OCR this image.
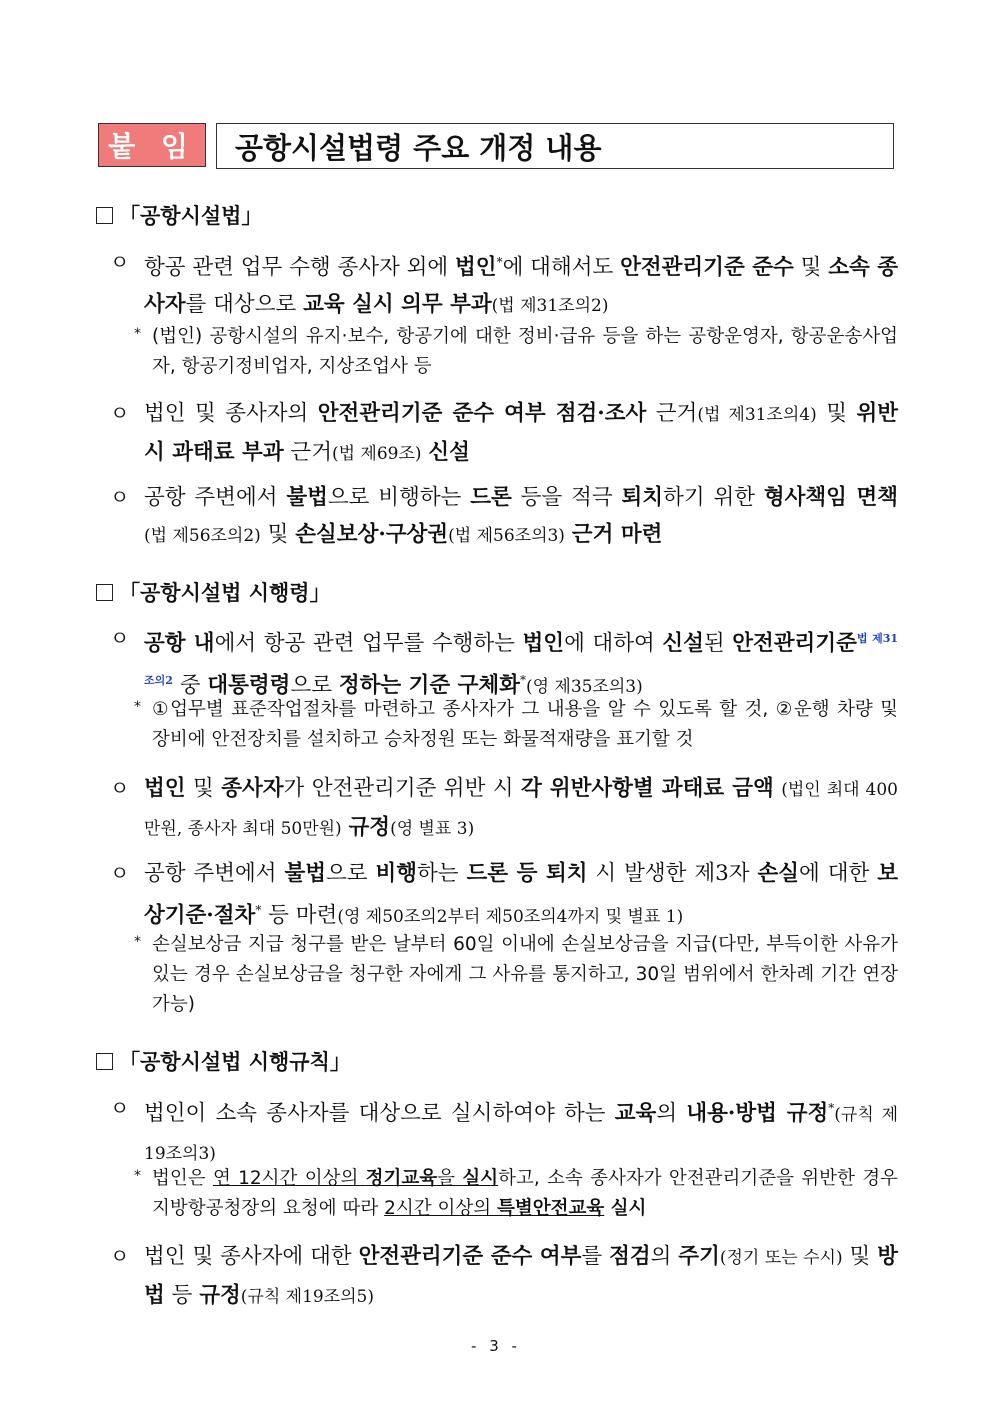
붙 임	공항시설법령 주요 개정 내용
「공항시설법」
ㅇ 항공 관련 업무 수행 종사자 외에 법인*에 대해서도 안전관리기준 준수 및 소속 종사자를 대상으로 교육 실시 의무 부과(법 제31조의2)
* (법인) 공항시설의 유지·보수, 항공기에 대한 정비·급유 등을 하는 공항운영자, 항공운송사업자, 항공기정비업자, 지상조업사 등
ㅇ 법인 및 종사자의 안전관리기준 준수 여부 점검·조사 근거(법 제31조의4) 및 위반 시 과태료 부과 근거(법 제69조) 신설
ㅇ 공항 주변에서 불법으로 비행하는 드론 등을 적극 퇴치하기 위한 형사책임 면책(법 제56조의2) 및 손실보상·구상권(법 제56조의3) 근거 마련
「공항시설법 시행령」
ㅇ 공항 내에서 항공 관련 업무를 수행하는 법인에 대하여 신설된 안전관리기준$^{법 제31조의2}$ 중 대통령령으로 정하는 기준 구체화*(영 제35조의3)
* ①업무별 표준작업절차를 마련하고 종사자가 그 내용을 알 수 있도록 할 것, ②운행 차량 및 장비에 안전장치를 설치하고 승차정원 또는 화물적재량을 표기할 것
ㅇ 법인 및 종사자가 안전관리기준 위반 시 각 위반사항별 과태료 금액 (법인 최대 400만원, 종사자 최대 50만원) 규정(영 별표 3)
ㅇ 공항 주변에서 불법으로 비행하는 드론 등 퇴치 시 발생한 제3자 손실에 대한 보상기준·절차* 등 마련(영 제50조의2부터 제50조의4까지 및 별표 1)
* 손실보상금 지급 청구를 받은 날부터 60일 이내에 손실보상금을 지급(다만, 부득이한 사유가 있는 경우 손실보상금을 청구한 자에게 그 사유를 통지하고, 30일 범위에서 한차례 기간 연장 가능)
「공항시설법 시행규칙」
ㅇ 법인이 소속 종사자를 대상으로 실시하여야 하는 교육의 내용·방법 규정*(규칙 제19조의3)
* 법인은 연 12시간 이상의 정기교육을 실시하고, 소속 종사자가 안전관리기준을 위반한 경우 지방항공청장의 요청에 따라 2시간 이상의 특별안전교육 실시
ㅇ 법인 및 종사자에 대한 안전관리기준 준수 여부를 점검의 주기(정기 또는 수시) 및 방법 등 규정(규칙 제19조의5)
- 3 -
